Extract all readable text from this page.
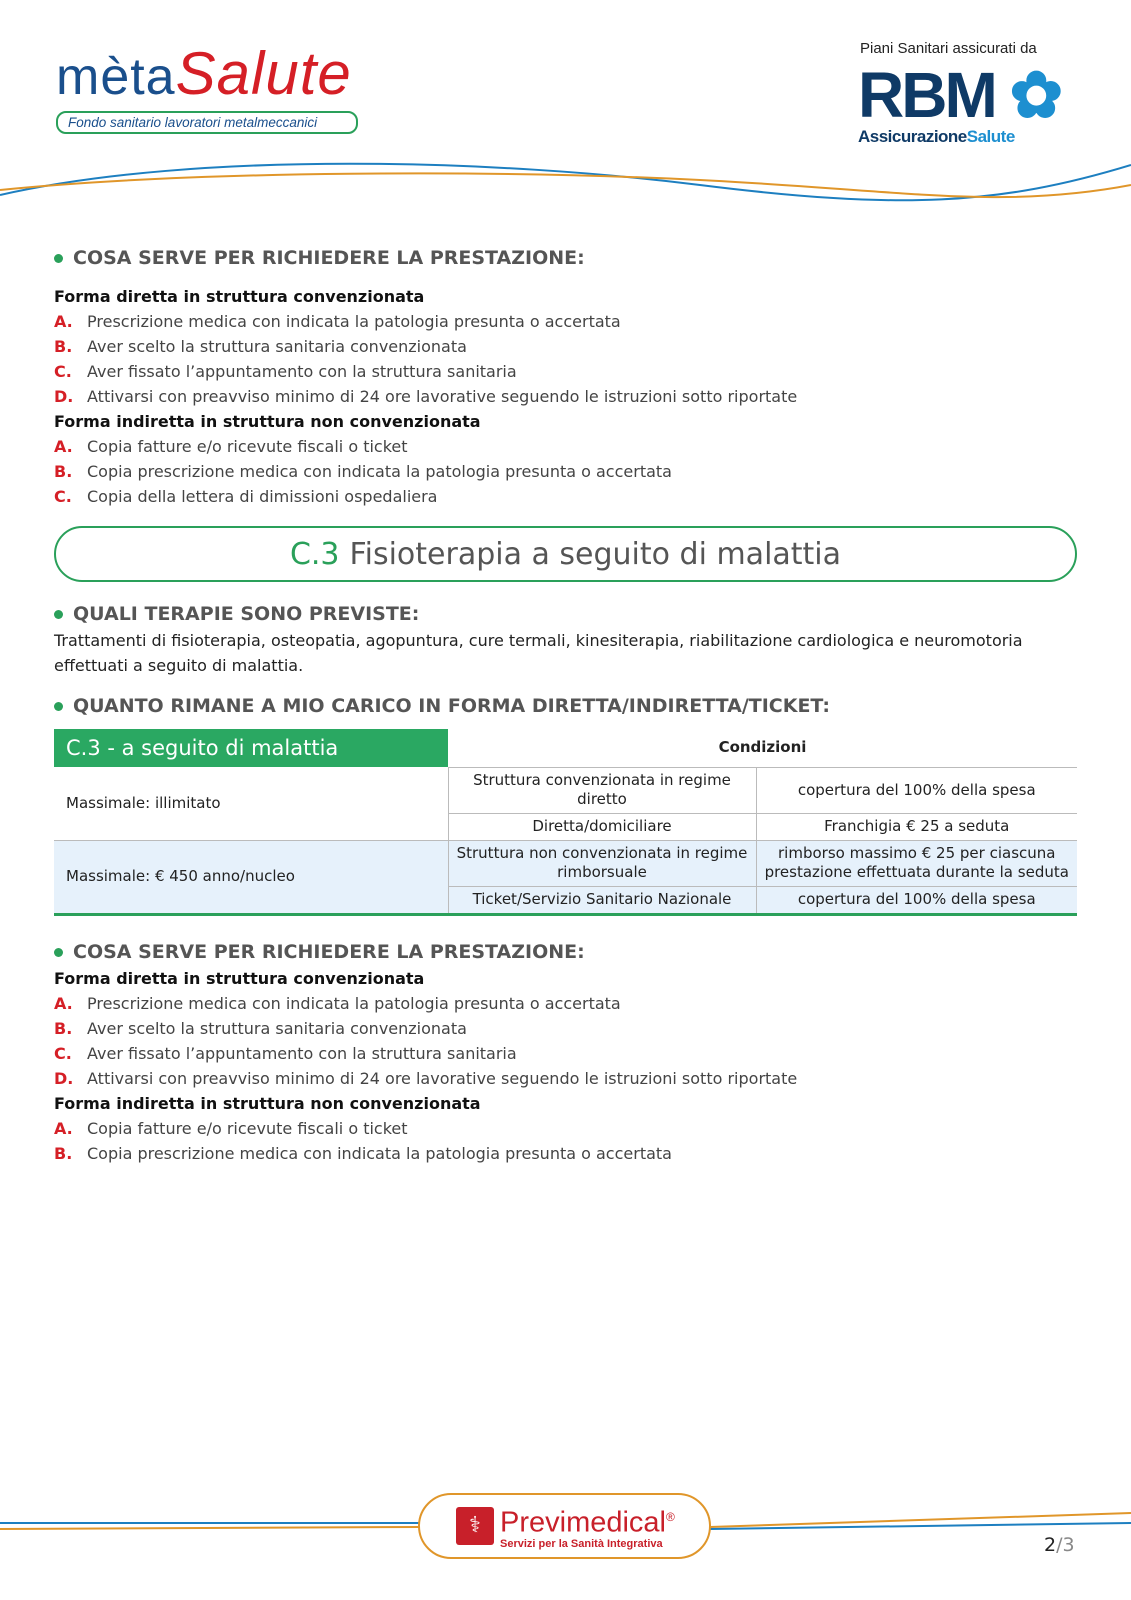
mètaSalute
Fondo sanitario lavoratori metalmeccanici
Piani Sanitari assicurati da
RBM ✿
AssicurazioneSalute
COSA SERVE PER RICHIEDERE LA PRESTAZIONE:
Forma diretta in struttura convenzionata
A. Prescrizione medica con indicata la patologia presunta o accertata
B. Aver scelto la struttura sanitaria convenzionata
C. Aver fissato l’appuntamento con la struttura sanitaria
D. Attivarsi con preavviso minimo di 24 ore lavorative seguendo le istruzioni sotto riportate
Forma indiretta in struttura non convenzionata
A. Copia fatture e/o ricevute fiscali o ticket
B. Copia prescrizione medica con indicata la patologia presunta o accertata
C. Copia della lettera di dimissioni ospedaliera
C.3 Fisioterapia a seguito di malattia
QUALI TERAPIE SONO PREVISTE:
Trattamenti di fisioterapia, osteopatia, agopuntura, cure termali, kinesiterapia, riabilitazione cardiologica e neuromotoria effettuati a seguito di malattia.
QUANTO RIMANE A MIO CARICO IN FORMA DIRETTA/INDIRETTA/TICKET:
C.3 - a seguito di malattia	Condizioni	
Massimale: illimitato	Struttura convenzionata in regime diretto	copertura del 100% della spesa
	Diretta/domiciliare	Franchigia € 25 a seduta
Massimale: € 450 anno/nucleo	Struttura non convenzionata in regime rimborsuale	rimborso massimo € 25 per ciascuna prestazione effettuata durante la seduta
	Ticket/Servizio Sanitario Nazionale	copertura del 100% della spesa
COSA SERVE PER RICHIEDERE LA PRESTAZIONE:
Forma diretta in struttura convenzionata
A. Prescrizione medica con indicata la patologia presunta o accertata
B. Aver scelto la struttura sanitaria convenzionata
C. Aver fissato l’appuntamento con la struttura sanitaria
D. Attivarsi con preavviso minimo di 24 ore lavorative seguendo le istruzioni sotto riportate
Forma indiretta in struttura non convenzionata
A. Copia fatture e/o ricevute fiscali o ticket
B. Copia prescrizione medica con indicata la patologia presunta o accertata
⚕ Previmedical®
Servizi per la Sanità Integrativa	2/3
